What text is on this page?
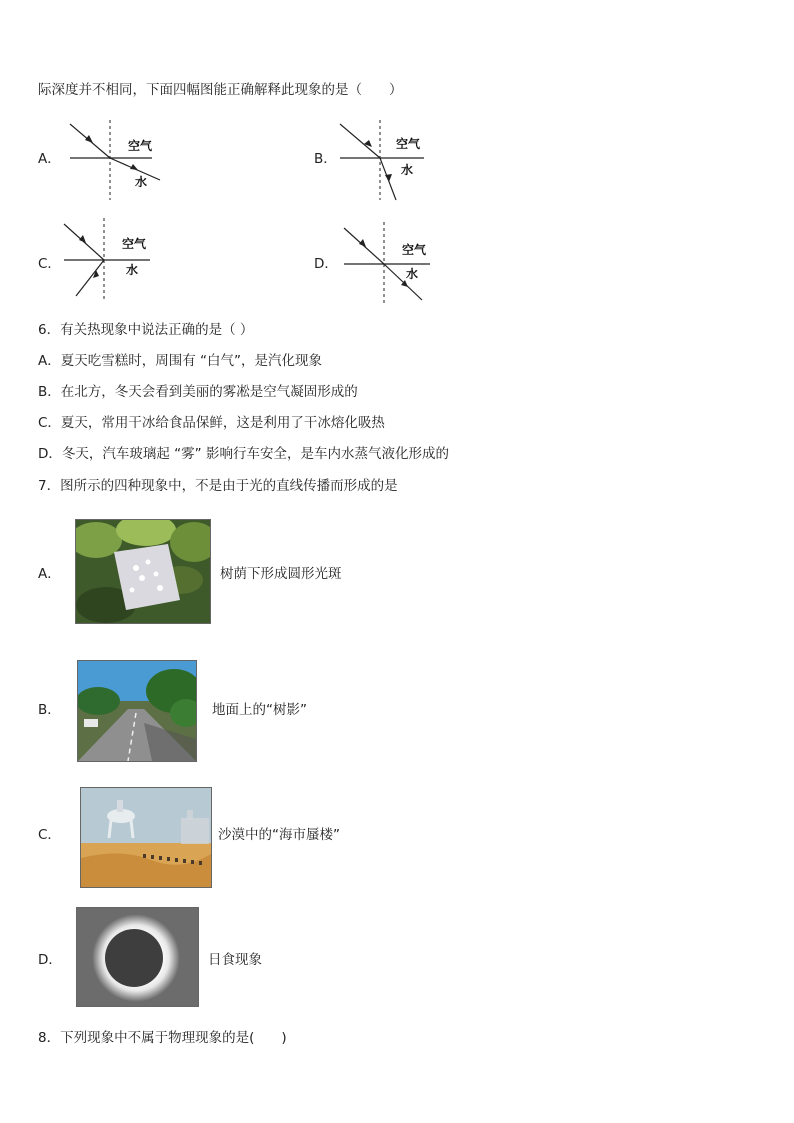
际深度并不相同，下面四幅图能正确解释此现象的是（　　）
A．
空气
水
B．
空气
水
C．
空气
水	D．
空气
水
6．有关热现象中说法正确的是（ ）
A．夏天吃雪糕时，周围有 “白气”，是汽化现象
B．在北方，冬天会看到美丽的雾凇是空气凝固形成的
C．夏天，常用干冰给食品保鲜，这是利用了干冰熔化吸热
D．冬天，汽车玻璃起 “雾” 影响行车安全，是车内水蒸气液化形成的
7．图所示的四种现象中，不是由于光的直线传播而形成的是
A．	树荫下形成圆形光斑
B．	地面上的“树影”
C．	沙漠中的“海市蜃楼”
D．	日食现象
8．下列现象中不属于物理现象的是(　　)
